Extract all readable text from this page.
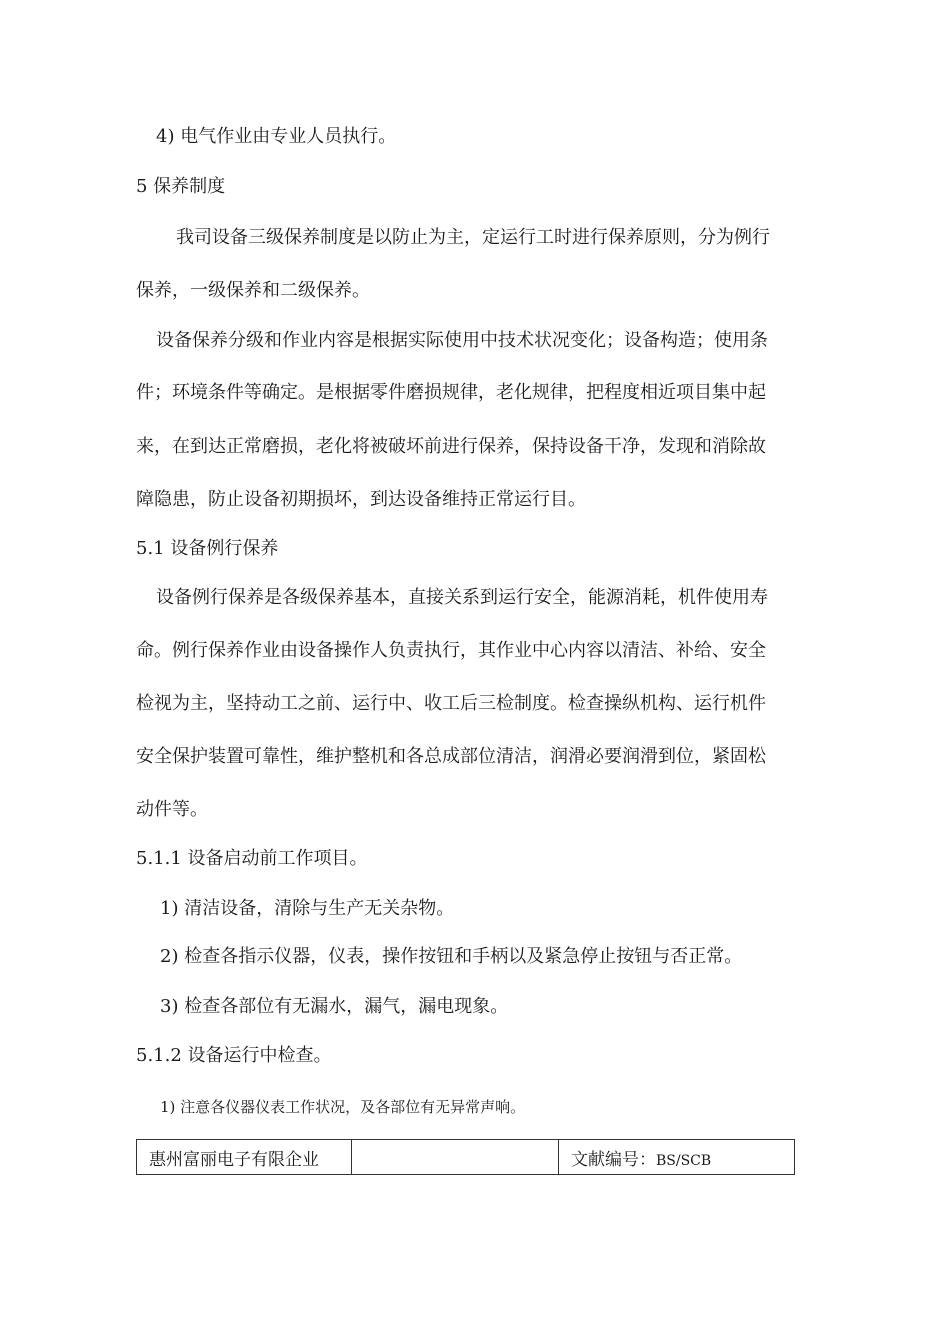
4) 电气作业由专业人员执行。
5 保养制度
我司设备三级保养制度是以防止为主，定运行工时进行保养原则，分为例行
保养，一级保养和二级保养。
设备保养分级和作业内容是根据实际使用中技术状况变化；设备构造；使用条
件；环境条件等确定。是根据零件磨损规律，老化规律，把程度相近项目集中起
来，在到达正常磨损，老化将被破坏前进行保养，保持设备干净，发现和消除故
障隐患，防止设备初期损坏，到达设备维持正常运行目。
5.1 设备例行保养
设备例行保养是各级保养基本，直接关系到运行安全，能源消耗，机件使用寿
命。例行保养作业由设备操作人负责执行，其作业中心内容以清洁、补给、安全
检视为主，坚持动工之前、运行中、收工后三检制度。检查操纵机构、运行机件
安全保护装置可靠性，维护整机和各总成部位清洁，润滑必要润滑到位，紧固松
动件等。
5.1.1 设备启动前工作项目。
1) 清洁设备，清除与生产无关杂物。
2) 检查各指示仪器，仪表，操作按钮和手柄以及紧急停止按钮与否正常。
3) 检查各部位有无漏水，漏气，漏电现象。
5.1.2 设备运行中检查。
1) 注意各仪器仪表工作状况，及各部位有无异常声响。
惠州富丽电子有限企业		文献编号：BS/SCB
